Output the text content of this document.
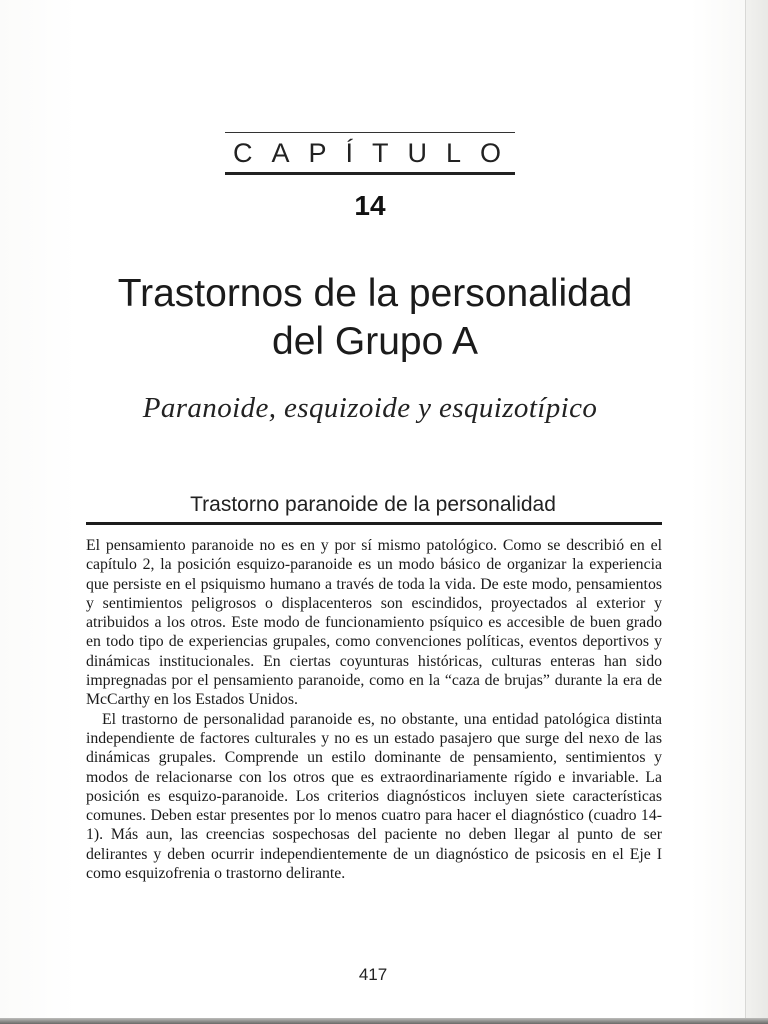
CAPÍTULO
14
Trastornos de la personalidad
del Grupo A
Paranoide, esquizoide y esquizotípico
Trastorno paranoide de la personalidad

El pensamiento paranoide no es en y por sí mismo patológico. Como se describió en el capítulo 2, la posición esquizo-paranoide es un modo básico de organizar la experiencia que persiste en el psiquismo humano a través de toda la vida. De este modo, pensamientos y sentimientos peligrosos o displacenteros son escindidos, proyectados al exterior y atribuidos a los otros. Este modo de funcionamiento psíquico es accesible de buen grado en todo tipo de experiencias grupales, como convenciones políticas, eventos deportivos y dinámicas institucionales. En ciertas coyunturas históricas, culturas enteras han sido impregnadas por el pensamiento paranoide, como en la “caza de brujas” durante la era de McCarthy en los Estados Unidos.

El trastorno de personalidad paranoide es, no obstante, una entidad patológica distinta independiente de factores culturales y no es un estado pasajero que surge del nexo de las dinámicas grupales. Comprende un estilo dominante de pensamiento, sentimientos y modos de relacionarse con los otros que es extraordinariamente rígido e invariable. La posición es esquizo-paranoide. Los criterios diagnósticos incluyen siete características comunes. Deben estar presentes por lo menos cuatro para hacer el diagnóstico (cuadro 14-1). Más aun, las creencias sospechosas del paciente no deben llegar al punto de ser delirantes y deben ocurrir independientemente de un diagnóstico de psicosis en el Eje I como esquizofrenia o trastorno delirante.

417
